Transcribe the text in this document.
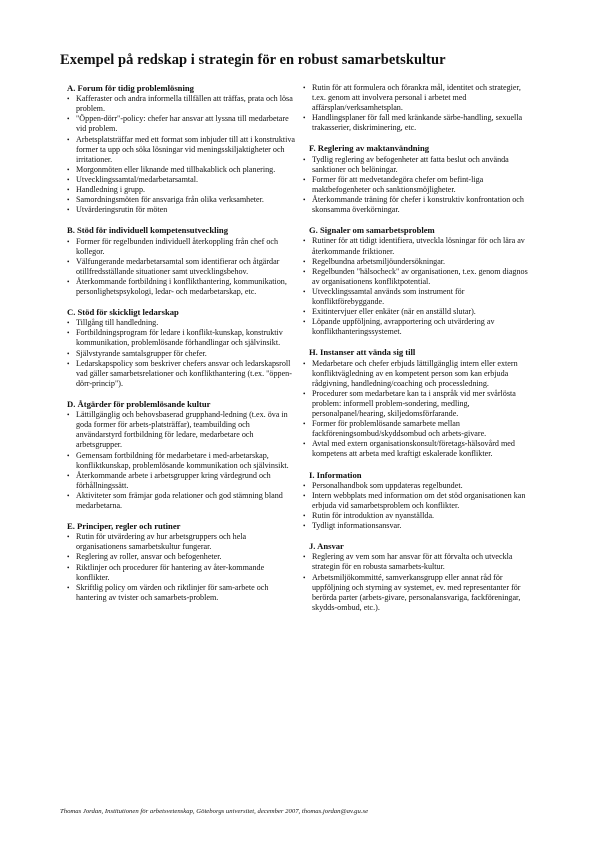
Exempel på redskap i strategin för en robust samarbetskultur
A. Forum för tidig problemlösning
• Kafferaster och andra informella tillfällen att träffas, prata och lösa problem.
• "Öppen-dörr"-policy: chefer har ansvar att lyssna till medarbetare vid problem.
• Arbetsplatsträffar med ett format som inbjuder till att i konstruktiva former ta upp och söka lösningar vid meningsskiljaktigheter och irritationer.
• Morgonmöten eller liknande med tillbakablick och planering.
• Utvecklingssamtal/medarbetarsamtal.
• Handledning i grupp.
• Samordningsmöten för ansvariga från olika verksamheter.
• Utvärderingsrutin för möten
B. Stöd för individuell kompetensutveckling
• Former för regelbunden individuell återkoppling från chef och kollegor.
• Välfungerande medarbetarsamtal som identifierar och åtgärdar otillfredsställande situationer samt utvecklingsbehov.
• Återkommande fortbildning i konflikthantering, kommunikation, personlighetspsykologi, ledar- och medarbetarskap, etc.
C. Stöd för skickligt ledarskap
• Tillgång till handledning.
• Fortbildningsprogram för ledare i konflikt-kunskap, konstruktiv kommunikation, problemlösande förhandlingar och självinsikt.
• Självstyrande samtalsgrupper för chefer.
• Ledarskapspolicy som beskriver chefers ansvar och ledarskapsroll vad gäller samarbetsrelationer och konflikthantering (t.ex. "öppen-dörr-princip").
D. Åtgärder för problemlösande kultur
• Lättillgänglig och behovsbaserad grupphand-ledning (t.ex. öva in goda former för arbets-platsträffar), teambuilding och användarstyrd fortbildning för ledare, medarbetare och arbetsgrupper.
• Gemensam fortbildning för medarbetare i med-arbetarskap, konfliktkunskap, problemlösande kommunikation och självinsikt.
• Återkommande arbete i arbetsgrupper kring värdegrund och förhållningssätt.
• Aktiviteter som främjar goda relationer och god stämning bland medarbetarna.
E. Principer, regler och rutiner
• Rutin för utvärdering av hur arbetsgruppers och hela organisationens samarbetskultur fungerar.
• Reglering av roller, ansvar och befogenheter.
• Riktlinjer och procedurer för hantering av åter-kommande konflikter.
• Skriftlig policy om värden och riktlinjer för sam-arbete och hantering av tvister och samarbets-problem.
• Rutin för att formulera och förankra mål, identitet och strategier, t.ex. genom att involvera personal i arbetet med affärsplan/verksamhetsplan.
• Handlingsplaner för fall med kränkande särbe-handling, sexuella trakasserier, diskriminering, etc.
F. Reglering av maktanvändning
• Tydlig reglering av befogenheter att fatta beslut och använda sanktioner och belöningar.
• Former för att medvetandegöra chefer om befint-liga maktbefogenheter och sanktionsmöjligheter.
• Återkommande träning för chefer i konstruktiv konfrontation och skonsamma överkörningar.
G. Signaler om samarbetsproblem
• Rutiner för att tidigt identifiera, utveckla lösningar för och lära av återkommande friktioner.
• Regelbundna arbetsmiljöundersökningar.
• Regelbunden "hälsocheck" av organisationen, t.ex. genom diagnos av organisationens konfliktpotential.
• Utvecklingssamtal används som instrument för konfliktförebyggande.
• Exitintervjuer eller enkäter (när en anställd slutar).
• Löpande uppföljning, avrapportering och utvärdering av konflikthanteringssystemet.
H. Instanser att vända sig till
• Medarbetare och chefer erbjuds lättillgänglig intern eller extern konfliktvägledning av en kompetent person som kan erbjuda rådgivning, handledning/coaching och processledning.
• Procedurer som medarbetare kan ta i anspråk vid mer svårlösta problem: informell problem-sondering, medling, personalpanel/hearing, skiljedomsförfarande.
• Former för problemlösande samarbete mellan fackföreningsombud/skyddsombud och arbets-givare.
• Avtal med extern organisationskonsult/företags-hälsovård med kompetens att arbeta med kraftigt eskalerade konflikter.
I. Information
• Personalhandbok som uppdateras regelbundet.
• Intern webbplats med information om det stöd organisationen kan erbjuda vid samarbetsproblem och konflikter.
• Rutin för introduktion av nyanställda.
• Tydligt informationsansvar.
J. Ansvar
• Reglering av vem som har ansvar för att förvalta och utveckla strategin för en robusta samarbets-kultur.
• Arbetsmiljökommitté, samverkansgrupp eller annat råd för uppföljning och styrning av systemet, ev. med representanter för berörda parter (arbets-givare, personalansvariga, fackföreningar, skydds-ombud, etc.).
Thomas Jordan, Institutionen för arbetsvetenskap, Göteborgs universitet, december 2007, thomas.jordan@av.gu.se
